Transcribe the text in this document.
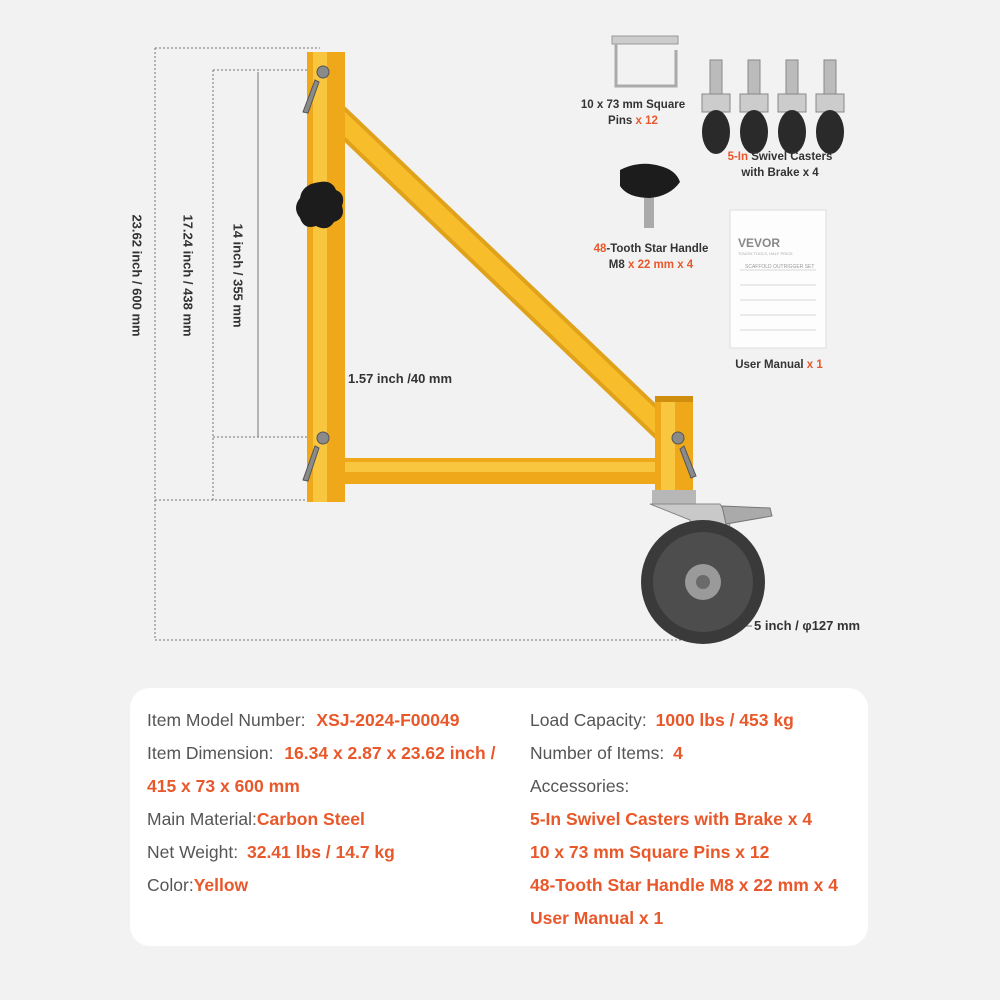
VEVOR
TOUGH TOOLS, HALF PRICE
SCAFFOLD OUTRIGGER SET
23.62 inch / 600 mm	17.24 inch / 438 mm	14 inch / 355 mm
1.57 inch /40 mm
5 inch / φ127 mm
10 x 73 mm Square Pins x 12
5-In Swivel Casters with Brake x 4
48-Tooth Star Handle M8 x 22 mm x 4
User Manual x 1
Item Model Number: XSJ-2024-F00049
Item Dimension: 16.34 x 2.87 x 23.62 inch /
415 x 73 x 600 mm
Main Material:Carbon Steel
Net Weight: 32.41 lbs / 14.7 kg
Color:Yellow
Load Capacity: 1000 lbs / 453 kg
Number of Items: 4
Accessories:
5-In Swivel Casters with Brake x 4
10 x 73 mm Square Pins x 12
48-Tooth Star Handle M8 x 22 mm x 4
User Manual x 1
